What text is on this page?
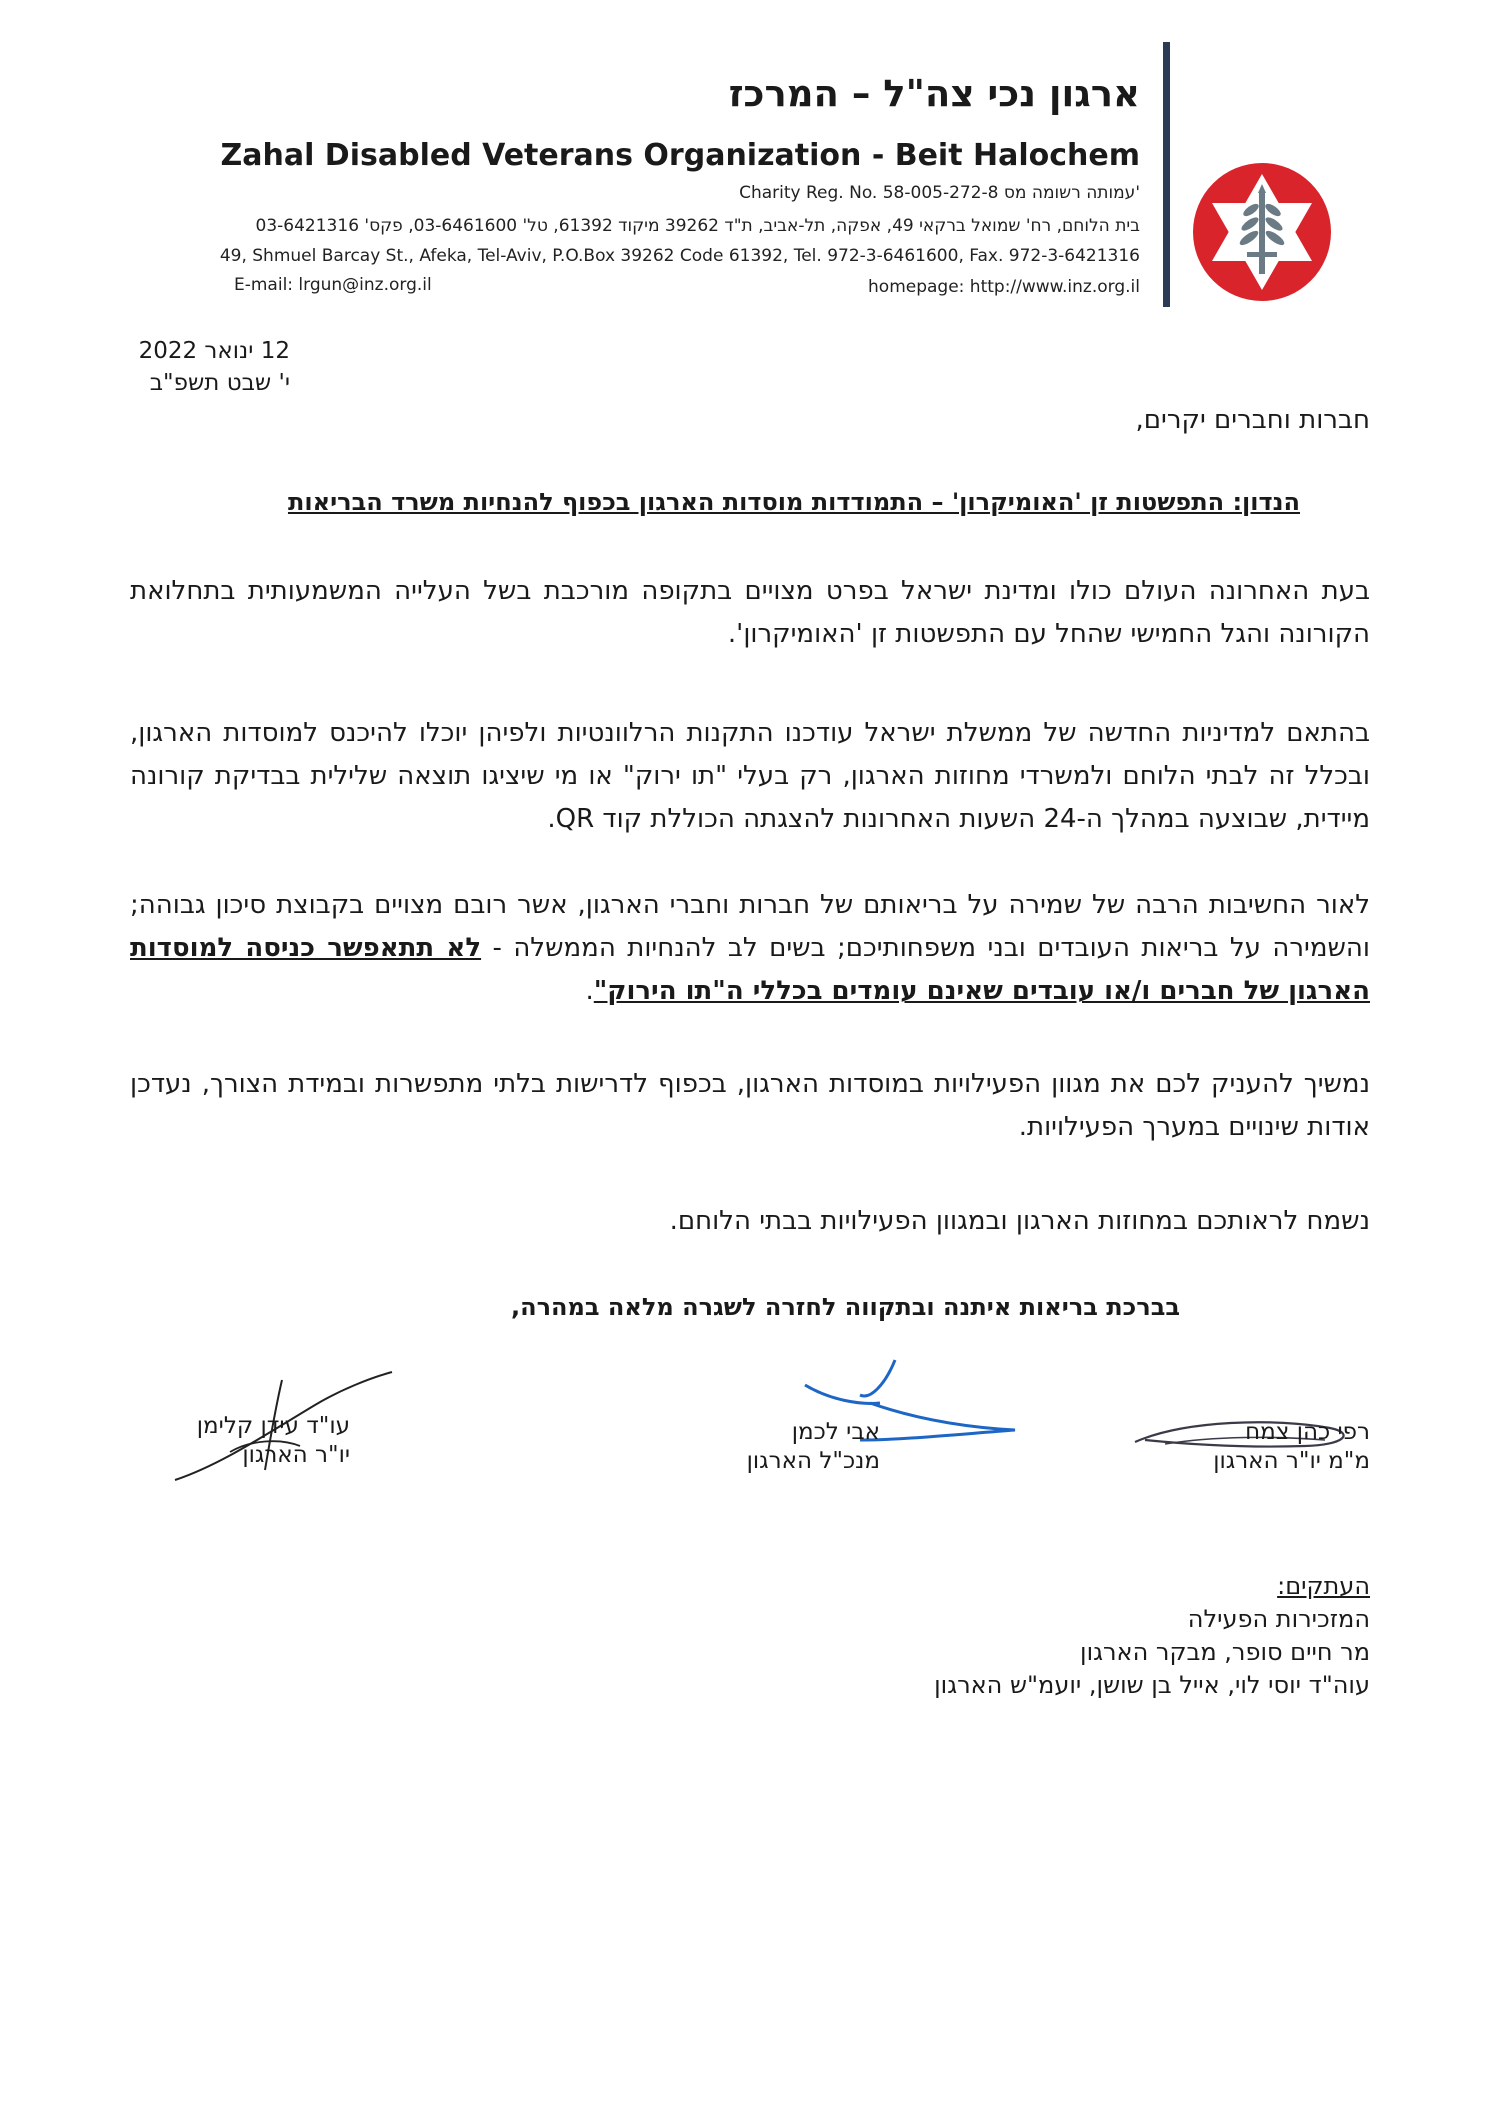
ארגון נכי צה"ל – המרכז
Zahal Disabled Veterans Organization - Beit Halochem
Charity Reg. No. 58-005-272-8 עמותה רשומה מס'
בית הלוחם, רח' שמואל ברקאי 49, אפקה, תל-אביב, ת"ד 39262 מיקוד 61392, טל' 03-6461600, פקס' 03-6421316
49, Shmuel Barcay St., Afeka, Tel-Aviv, P.O.Box 39262 Code 61392, Tel. 972-3-6461600, Fax. 972-3-6421316
E-mail: lrgun@inz.org.il	homepage: http://www.inz.org.il
12 ינואר 2022
י' שבט תשפ"ב
חברות וחברים יקרים,
הנדון: התפשטות זן 'האומיקרון' – התמודדות מוסדות הארגון בכפוף להנחיות משרד הבריאות
בעת האחרונה העולם כולו ומדינת ישראל בפרט מצויים בתקופה מורכבת בשל העלייה המשמעותית בתחלואת הקורונה והגל החמישי שהחל עם התפשטות זן 'האומיקרון'.
בהתאם למדיניות החדשה של ממשלת ישראל עודכנו התקנות הרלוונטיות ולפיהן יוכלו להיכנס למוסדות הארגון, ובכלל זה לבתי הלוחם ולמשרדי מחוזות הארגון, רק בעלי "תו ירוק" או מי שיציגו תוצאה שלילית בבדיקת קורונה מיידית, שבוצעה במהלך ה-24 השעות האחרונות להצגתה הכוללת קוד QR.
לאור החשיבות הרבה של שמירה על בריאותם של חברות וחברי הארגון, אשר רובם מצויים בקבוצת סיכון גבוהה; והשמירה על בריאות העובדים ובני משפחותיכם; בשים לב להנחיות הממשלה - לא תתאפשר כניסה למוסדות הארגון של חברים ו/או עובדים שאינם עומדים בכללי ה"תו הירוק".
נמשיך להעניק לכם את מגוון הפעילויות במוסדות הארגון, בכפוף לדרישות בלתי מתפשרות ובמידת הצורך, נעדכן אודות שינויים במערך הפעילויות.
נשמח לראותכם במחוזות הארגון ובמגוון הפעילויות בבתי הלוחם.
בברכת בריאות איתנה ובתקווה לחזרה לשגרה מלאה במהרה,
רפי כהן צמח
מ"מ יו"ר הארגון
אבי לכמן
מנכ"ל הארגון
עו"ד עידן קלימן
יו"ר הארגון
העתקים:
המזכירות הפעילה
מר חיים סופר, מבקר הארגון
עוה"ד יוסי לוי, אייל בן שושן, יועמ"ש הארגון
